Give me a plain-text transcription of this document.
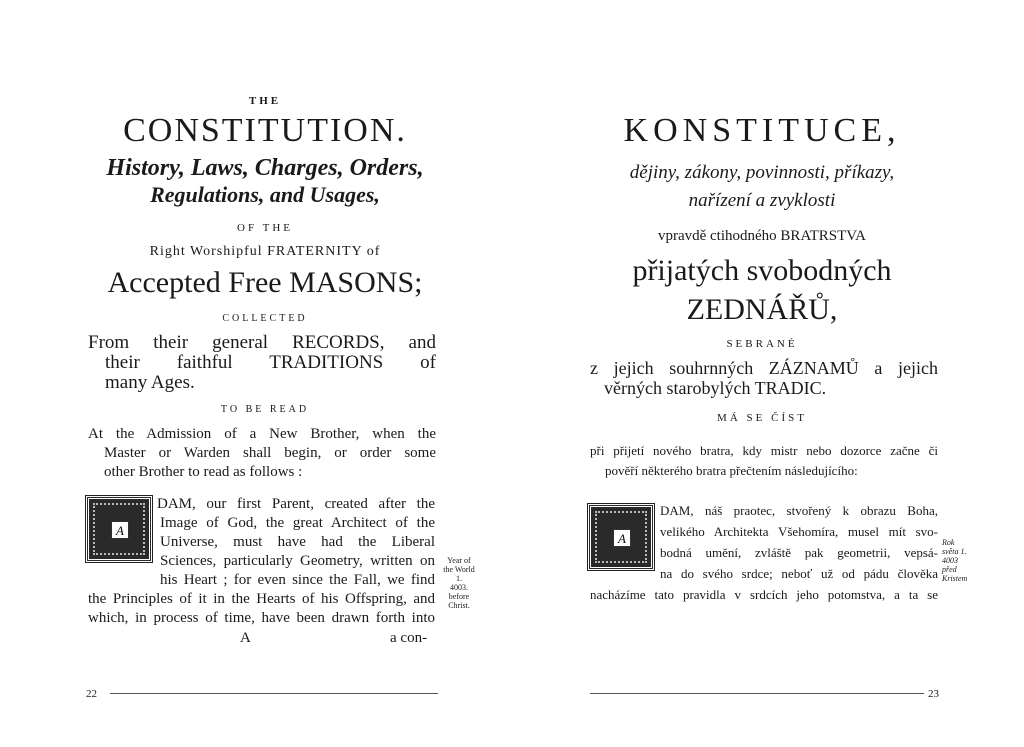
THE

CONSTITUTION.

History, Laws, Charges, Orders,

Regulations, and Usages,

OF THE

Right Worshipful FRATERNITY of

Accepted Free MASONS;

COLLECTED

From their general RECORDS, and

their faithful TRADITIONS of

many Ages.

TO BE READ

At the Admission of a New Brother, when the

Master or Warden shall begin, or order some

other Brother to read as follows :

A

DAM, our first Parent, created after the

Image of God, the great Architect of the

Universe, must have had the Liberal

Sciences, particularly Geometry, written on

his Heart ; for even since the Fall, we find

the Principles of it in the Hearts of his Offspring, and

which, in process of time, have been drawn forth into

A	a con-

Year of
the World
1.
4003.
before
Christ.

22

KONSTITUCE,

dějiny, zákony, povinnosti, příkazy,

nařízení a zvyklosti

vpravdě ctihodného BRATRSTVA

přijatých svobodných

ZEDNÁŘŮ,

SEBRANÉ

z jejich souhrnných ZÁZNAMŮ a jejich

věrných starobylých TRADIC.

MÁ SE ČÍST

při přijetí nového bratra, kdy mistr nebo dozorce začne či

pověří některého bratra přečtením následujícího:

A

DAM, náš praotec, stvořený k obrazu Boha,

velikého Architekta Všehomíra, musel mít svo-

bodná umění, zvláště pak geometrii, vepsá-

na do svého srdce; neboť už od pádu člověka

nacházíme tato pravidla v srdcích jeho potomstva, a ta se

Rok
světa 1.
4003
před
Kristem

23
